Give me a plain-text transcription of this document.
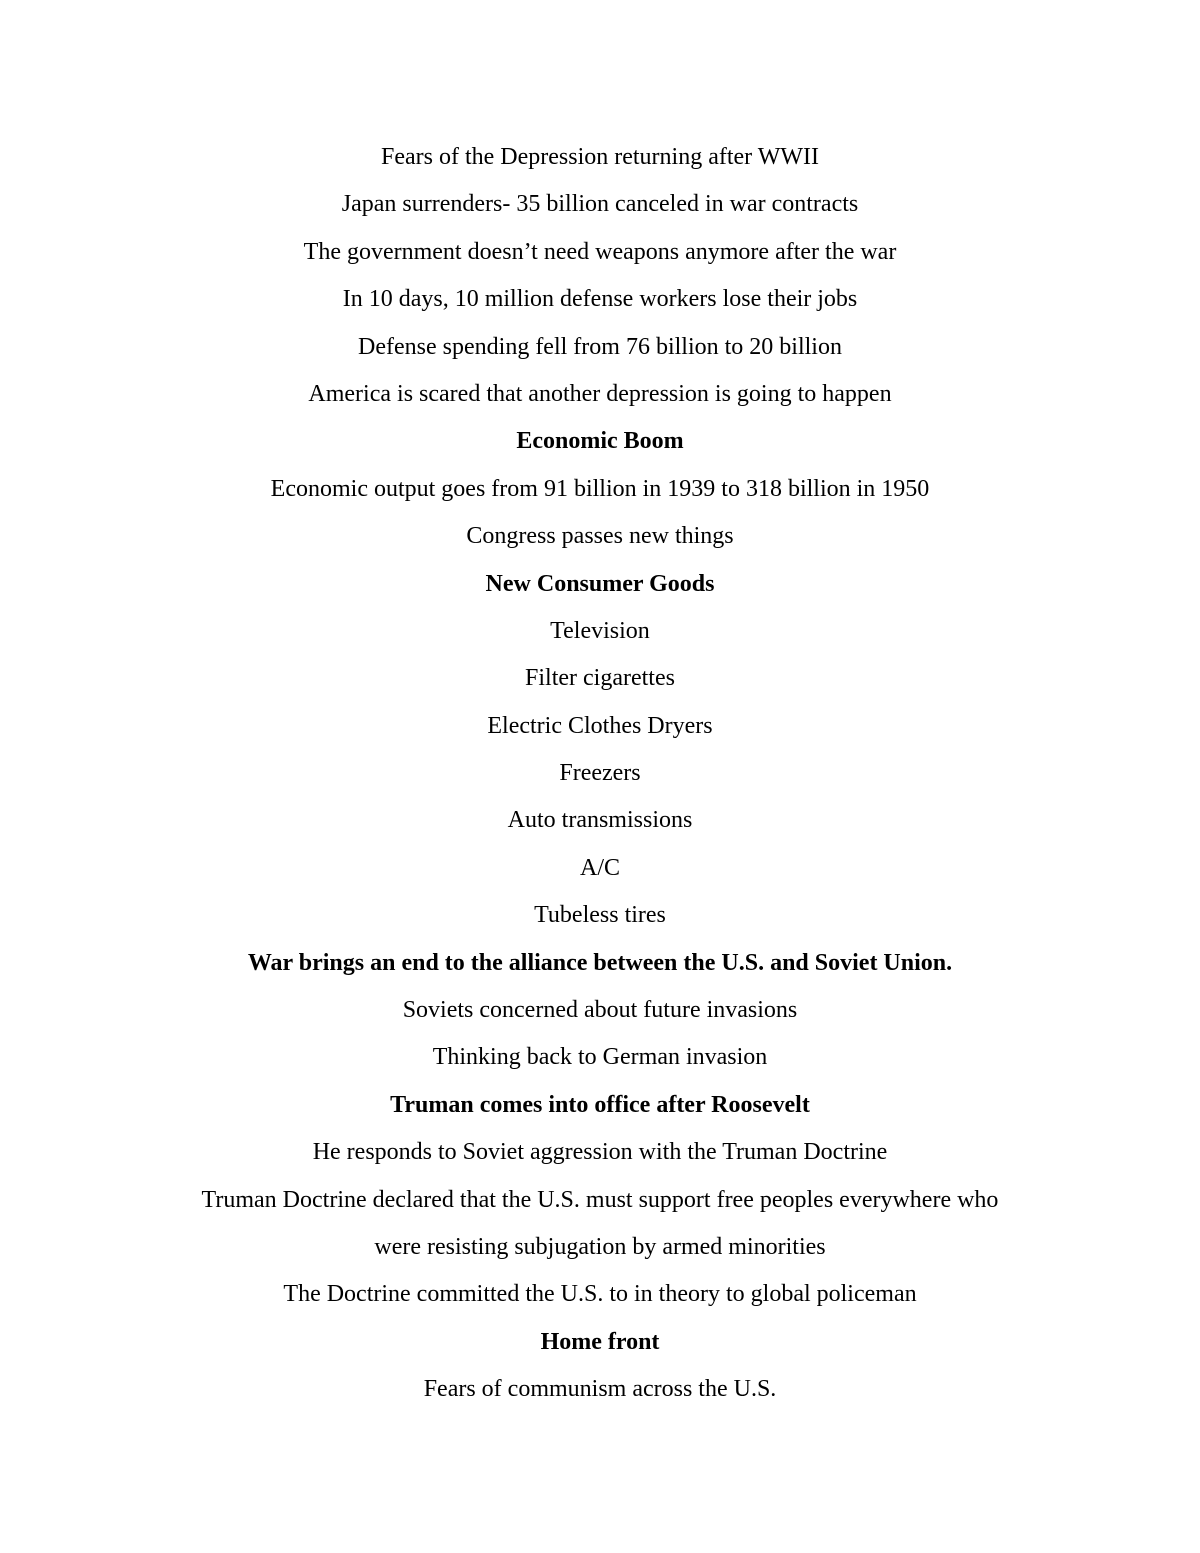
Fears of the Depression returning after WWII
Japan surrenders- 35 billion canceled in war contracts
The government doesn’t need weapons anymore after the war
In 10 days, 10 million defense workers lose their jobs
Defense spending fell from 76 billion to 20 billion
America is scared that another depression is going to happen
Economic Boom
Economic output goes from 91 billion in 1939 to 318 billion in 1950
Congress passes new things
New Consumer Goods
Television
Filter cigarettes
Electric Clothes Dryers
Freezers
Auto transmissions
A/C
Tubeless tires
War brings an end to the alliance between the U.S. and Soviet Union.
Soviets concerned about future invasions
Thinking back to German invasion
Truman comes into office after Roosevelt
He responds to Soviet aggression with the Truman Doctrine
Truman Doctrine declared that the U.S. must support free peoples everywhere who
were resisting subjugation by armed minorities
The Doctrine committed the U.S. to in theory to global policeman
Home front
Fears of communism across the U.S.
